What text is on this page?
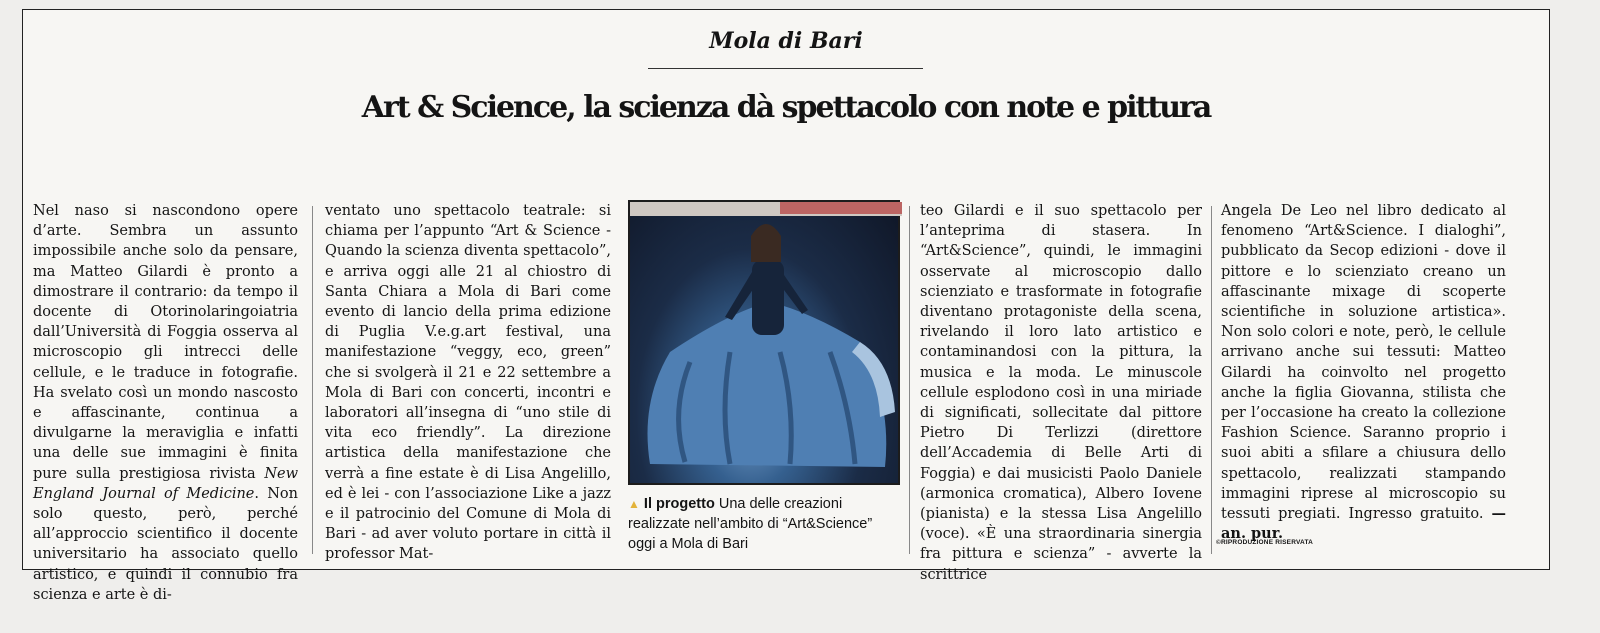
Mola di Bari
Art & Science, la scienza dà spettacolo con note e pittura

Nel naso si nascondono opere d’arte. Sembra un assunto impossibile anche solo da pensare, ma Matteo Gilardi è pronto a dimostrare il contrario: da tempo il docente di Otorinolaringoiatria dall’Università di Foggia osserva al microscopio gli intrecci delle cellule, e le traduce in fotografie. Ha svelato così un mondo nascosto e affascinante, continua a divulgarne la meraviglia e infatti una delle sue immagini è finita pure sulla prestigiosa rivista New England Journal of Medicine. Non solo questo, però, perché all’approccio scientifico il docente universitario ha associato quello artistico, e quindi il connubio fra scienza e arte è di-

ventato uno spettacolo teatrale: si chiama per l’appunto “Art & Science - Quando la scienza diventa spettacolo”, e arriva oggi alle 21 al chiostro di Santa Chiara a Mola di Bari come evento di lancio della prima edizione di Puglia V.e.g.art festival, una manifestazione “veggy, eco, green” che si svolgerà il 21 e 22 settembre a Mola di Bari con concerti, incontri e laboratori all’insegna di “uno stile di vita eco friendly”. La direzione artistica della manifestazione che verrà a fine estate è di Lisa Angelillo, ed è lei - con l’associazione Like a jazz e il patrocinio del Comune di Mola di Bari - ad aver voluto portare in città il professor Mat-

▲ Il progetto Una delle creazioni realizzate nell’ambito di “Art&Science” oggi a Mola di Bari

teo Gilardi e il suo spettacolo per l’anteprima di stasera. In “Art&Science”, quindi, le immagini osservate al microscopio dallo scienziato e trasformate in fotografie diventano protagoniste della scena, rivelando il loro lato artistico e contaminandosi con la pittura, la musica e la moda. Le minuscole cellule esplodono così in una miriade di significati, sollecitate dal pittore Pietro Di Terlizzi (direttore dell’Accademia di Belle Arti di Foggia) e dai musicisti Paolo Daniele (armonica cromatica), Albero Iovene (pianista) e la stessa Lisa Angelillo (voce). «È una straordinaria sinergia fra pittura e scienza” - avverte la scrittrice

Angela De Leo nel libro dedicato al fenomeno “Art&Science. I dialoghi”, pubblicato da Secop edizioni - dove il pittore e lo scienziato creano un affascinante mixage di scoperte scientifiche in soluzione artistica». Non solo colori e note, però, le cellule arrivano anche sui tessuti: Matteo Gilardi ha coinvolto nel progetto anche la figlia Giovanna, stilista che per l’occasione ha creato la collezione Fashion Science. Saranno proprio i suoi abiti a sfilare a chiusura dello spettacolo, realizzati stampando immagini riprese al microscopio su tessuti pregiati. Ingresso gratuito. — an. pur.

©RIPRODUZIONE RISERVATA
